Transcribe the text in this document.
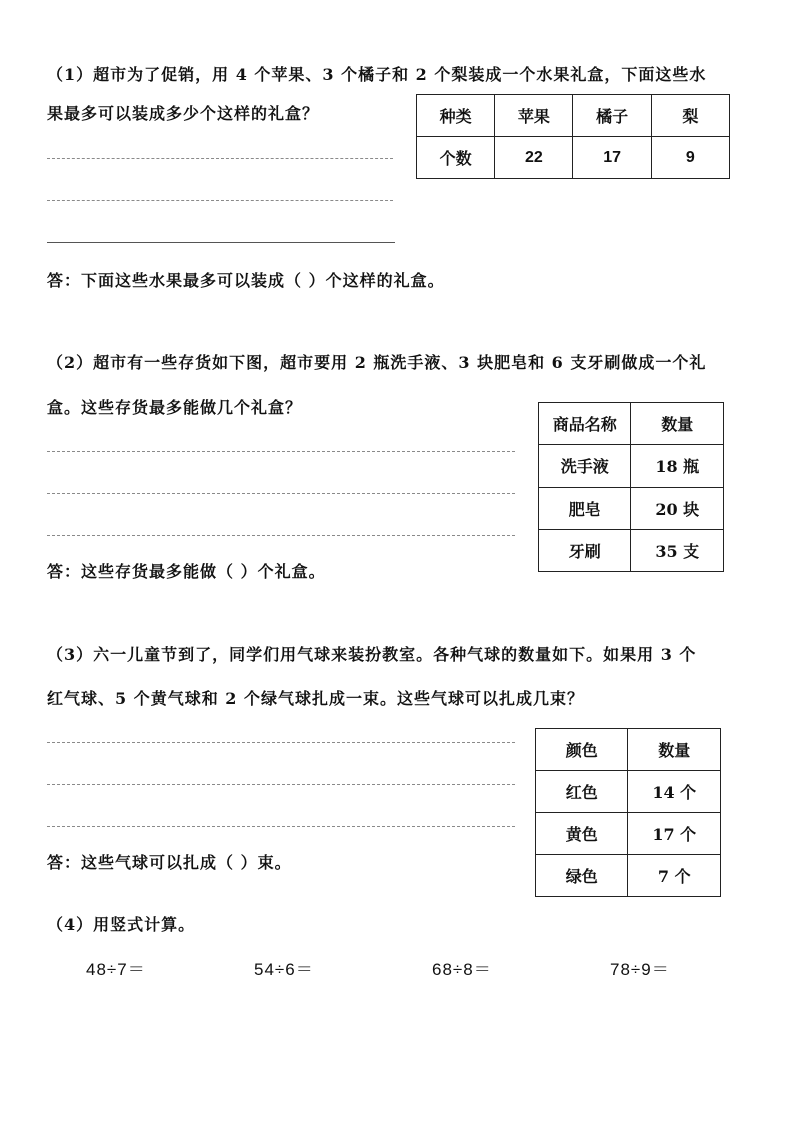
（1）超市为了促销，用 4 个苹果、3 个橘子和 2 个梨装成一个水果礼盒，下面这些水
果最多可以装成多少个这样的礼盒？	种类	苹果	橘子	梨
个数	22	17	9
答：下面这些水果最多可以装成（ ）个这样的礼盒。
（2）超市有一些存货如下图，超市要用 2 瓶洗手液、3 块肥皂和 6 支牙刷做成一个礼
盒。这些存货最多能做几个礼盒？
商品名称	数量
洗手液	18 瓶
肥皂	20 块
牙刷	35 支
答：这些存货最多能做（ ）个礼盒。
（3）六一儿童节到了，同学们用气球来装扮教室。各种气球的数量如下。如果用 3 个
红气球、5 个黄气球和 2 个绿气球扎成一束。这些气球可以扎成几束？
颜色	数量
红色	14 个
黄色	17 个
绿色	7 个
答：这些气球可以扎成（ ）束。
（4）用竖式计算。
48÷7＝	54÷6＝	68÷8＝	78÷9＝
